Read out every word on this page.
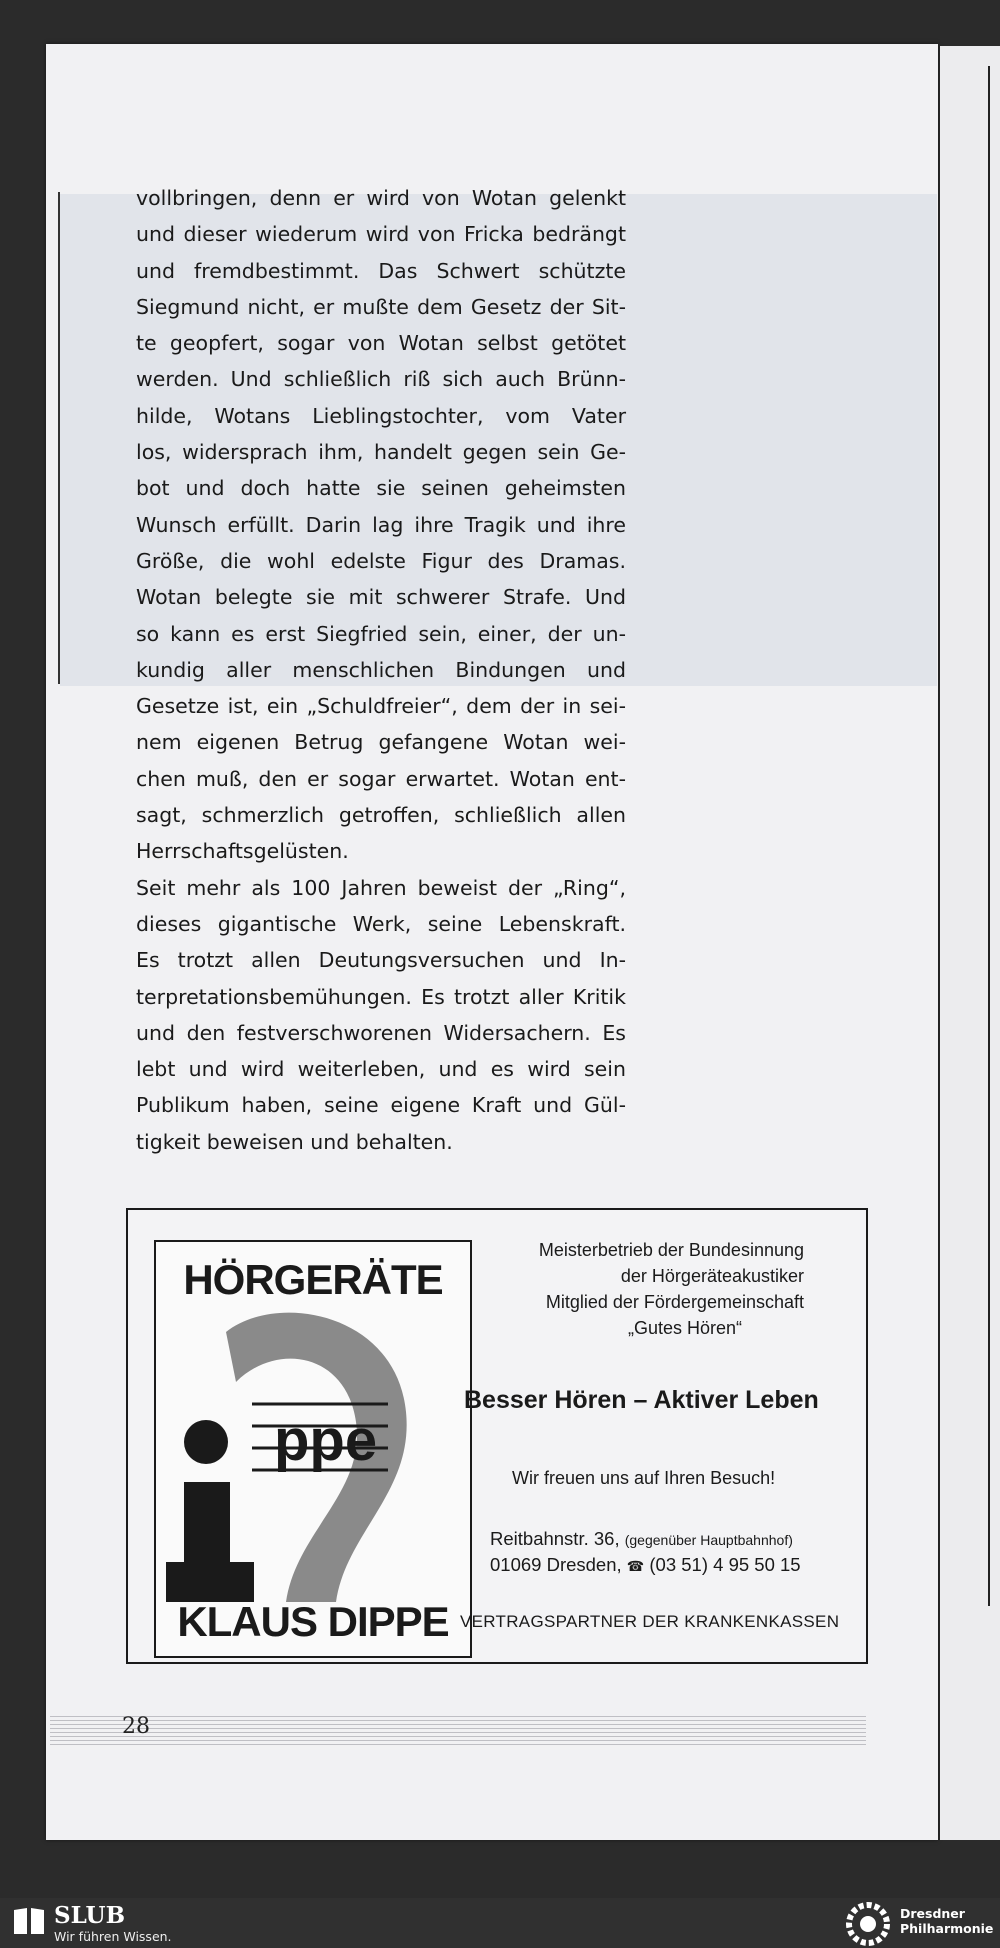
vollbringen, denn er wird von Wotan gelenkt
und dieser wiederum wird von Fricka bedrängt
und fremdbestimmt. Das Schwert schützte
Siegmund nicht, er mußte dem Gesetz der Sit-
te geopfert, sogar von Wotan selbst getötet
werden. Und schließlich riß sich auch Brünn-
hilde, Wotans Lieblingstochter, vom Vater
los, widersprach ihm, handelt gegen sein Ge-
bot und doch hatte sie seinen geheimsten
Wunsch erfüllt. Darin lag ihre Tragik und ihre
Größe, die wohl edelste Figur des Dramas.
Wotan belegte sie mit schwerer Strafe. Und
so kann es erst Siegfried sein, einer, der un-
kundig aller menschlichen Bindungen und
Gesetze ist, ein „Schuldfreier“, dem der in sei-
nem eigenen Betrug gefangene Wotan wei-
chen muß, den er sogar erwartet. Wotan ent-
sagt, schmerzlich getroffen, schließlich allen
Herrschaftsgelüsten.
Seit mehr als 100 Jahren beweist der „Ring“,
dieses gigantische Werk, seine Lebenskraft.
Es trotzt allen Deutungsversuchen und In-
terpretationsbemühungen. Es trotzt aller Kritik
und den festverschworenen Widersachern. Es
lebt und wird weiterleben, und es wird sein
Publikum haben, seine eigene Kraft und Gül-
tigkeit beweisen und behalten.
HÖRGERÄTE
ppe
KLAUS DIPPE
Meisterbetrieb der Bundesinnung
der Hörgeräteakustiker
Mitglied der Fördergemeinschaft
„Gutes Hören“
Besser Hören – Aktiver Leben
Wir freuen uns auf Ihren Besuch!
Reitbahnstr. 36, (gegenüber Hauptbahnhof)
01069 Dresden, ☎ (03 51) 4 95 50 15
VERTRAGSPARTNER DER KRANKENKASSEN
28
SLUB
Wir führen Wissen.
Dresdner
Philharmonie
